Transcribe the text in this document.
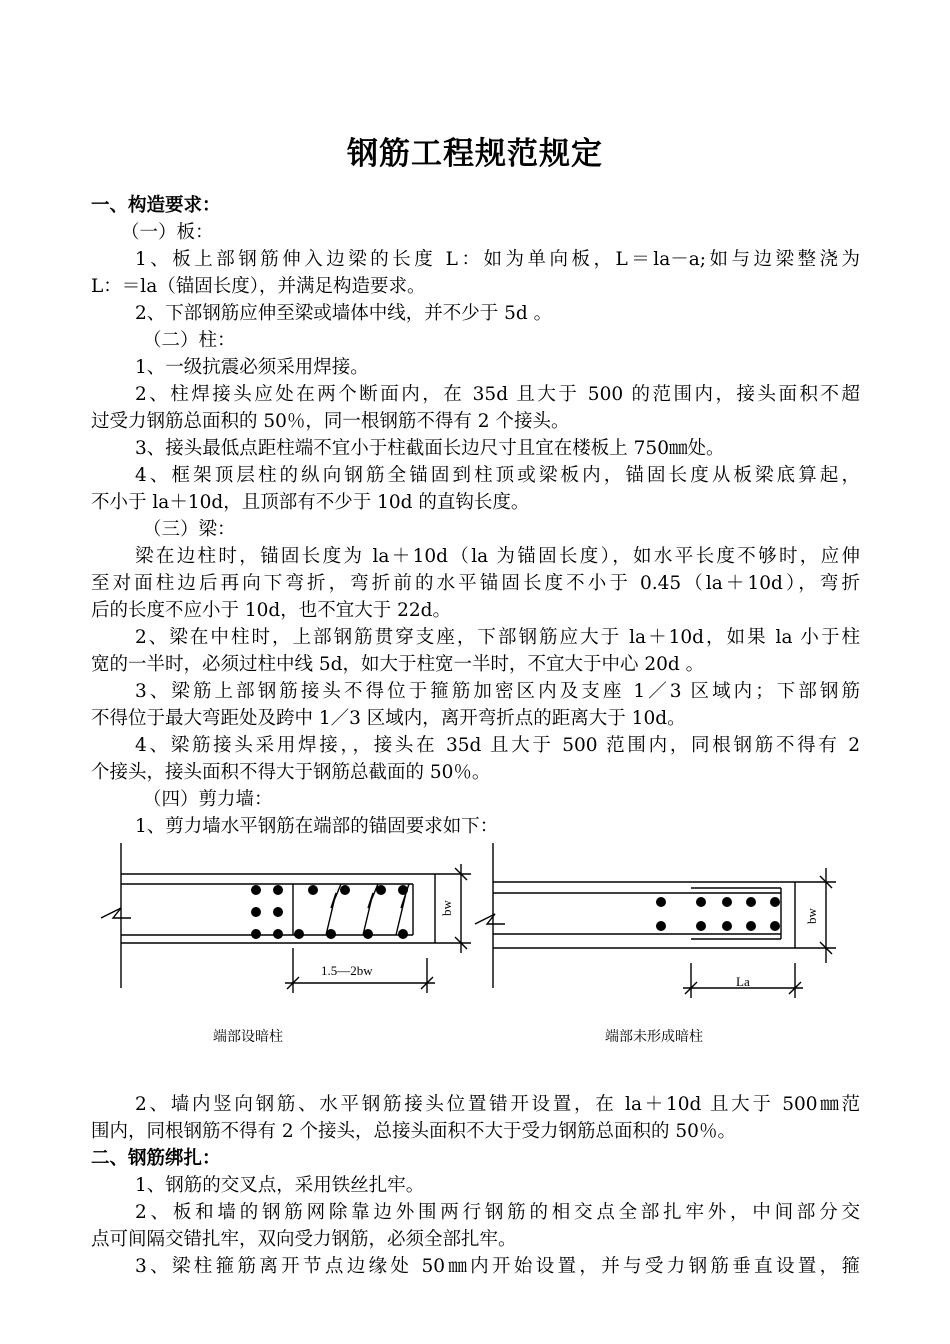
钢筋工程规范规定
一、构造要求：
（一）板：
1、板上部钢筋伸入边梁的长度 L：如为单向板，L＝la－a;如与边梁整浇为
L：＝la（锚固长度），并满足构造要求。
2、下部钢筋应伸至梁或墙体中线，并不少于 5d 。
（二）柱：
1、一级抗震必须采用焊接。
2、柱焊接头应处在两个断面内，在 35d 且大于 500 的范围内，接头面积不超
过受力钢筋总面积的 50％，同一根钢筋不得有 2 个接头。
3、接头最低点距柱端不宜小于柱截面长边尺寸且宜在楼板上 750㎜处。
4、框架顶层柱的纵向钢筋全锚固到柱顶或梁板内，锚固长度从板梁底算起，
不小于 la＋10d，且顶部有不少于 10d 的直钩长度。
（三）梁：
梁在边柱时，锚固长度为 la＋10d（la 为锚固长度），如水平长度不够时，应伸
至对面柱边后再向下弯折，弯折前的水平锚固长度不小于 0.45（la＋10d），弯折
后的长度不应小于 10d，也不宜大于 22d。
2、梁在中柱时，上部钢筋贯穿支座，下部钢筋应大于 la＋10d，如果 la 小于柱
宽的一半时，必须过柱中线 5d，如大于柱宽一半时，不宜大于中心 20d 。
3、梁筋上部钢筋接头不得位于箍筋加密区内及支座 1／3 区域内；下部钢筋
不得位于最大弯距处及跨中 1／3 区域内，离开弯折点的距离大于 10d。
4、梁筋接头采用焊接，，接头在 35d 且大于 500 范围内，同根钢筋不得有 2
个接头，接头面积不得大于钢筋总截面的 50％。
（四）剪力墙：
1、剪力墙水平钢筋在端部的锚固要求如下：
bw
bw
1.5—2bw
La
端部设暗柱	端部未形成暗柱
2、墙内竖向钢筋、水平钢筋接头位置错开设置，在 la＋10d 且大于 500㎜范
围内，同根钢筋不得有 2 个接头，总接头面积不大于受力钢筋总面积的 50％。
二、钢筋绑扎：
1、钢筋的交叉点，采用铁丝扎牢。
2、板和墙的钢筋网除靠边外围两行钢筋的相交点全部扎牢外，中间部分交
点可间隔交错扎牢，双向受力钢筋，必须全部扎牢。
3、梁柱箍筋离开节点边缘处 50㎜内开始设置，并与受力钢筋垂直设置，箍
